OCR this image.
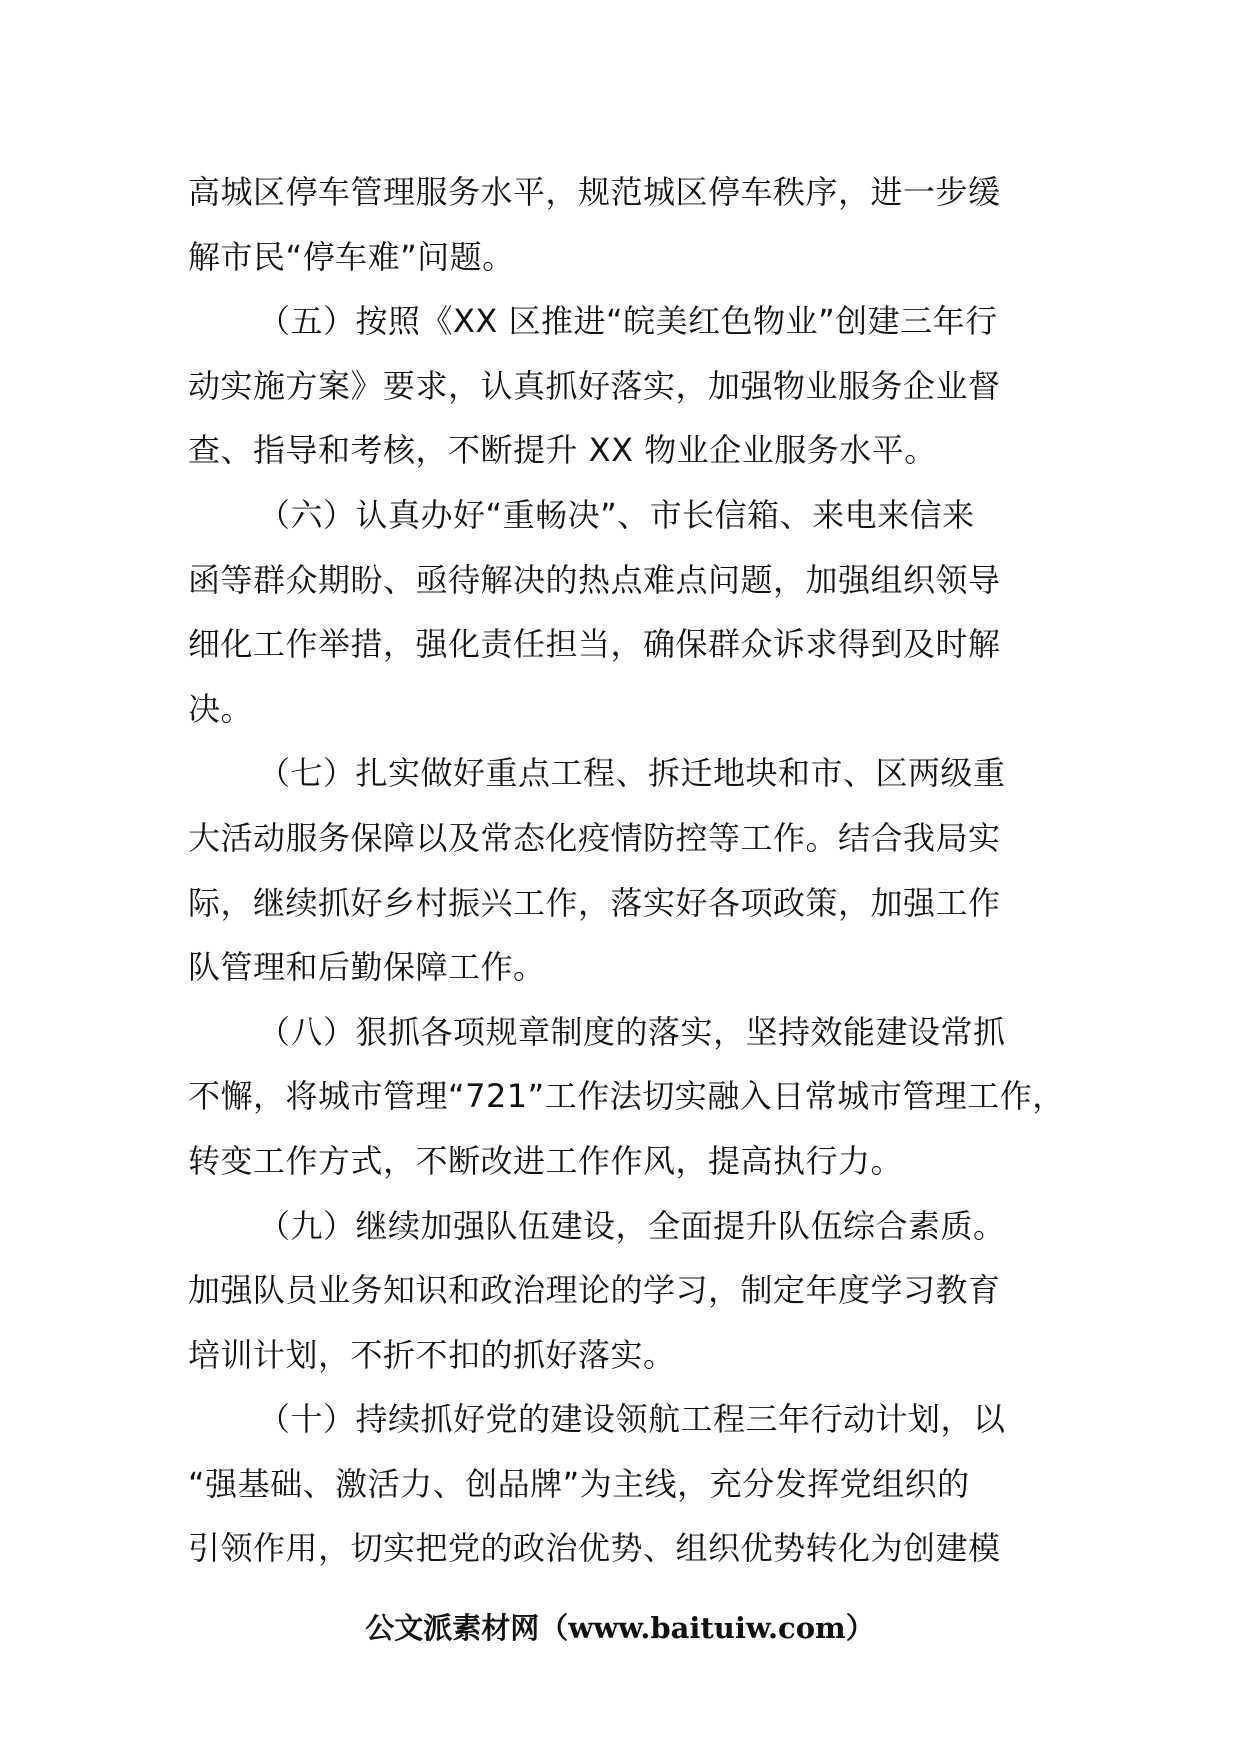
高城区停车管理服务水平，规范城区停车秩序，进一步缓
解市民“停车难”问题。
（五）按照《XX 区推进“皖美红色物业”创建三年行
动实施方案》要求，认真抓好落实，加强物业服务企业督
查、指导和考核，不断提升 XX 物业企业服务水平。
（六）认真办好“重畅决”、市长信箱、来电来信来
函等群众期盼、亟待解决的热点难点问题，加强组织领导
细化工作举措，强化责任担当，确保群众诉求得到及时解
决。
（七）扎实做好重点工程、拆迁地块和市、区两级重
大活动服务保障以及常态化疫情防控等工作。结合我局实
际，继续抓好乡村振兴工作，落实好各项政策，加强工作
队管理和后勤保障工作。
（八）狠抓各项规章制度的落实，坚持效能建设常抓
不懈，将城市管理“721”工作法切实融入日常城市管理工作，
转变工作方式，不断改进工作作风，提高执行力。
（九）继续加强队伍建设，全面提升队伍综合素质。
加强队员业务知识和政治理论的学习，制定年度学习教育
培训计划，不折不扣的抓好落实。
（十）持续抓好党的建设领航工程三年行动计划，以
“强基础、激活力、创品牌”为主线，充分发挥党组织的
引领作用，切实把党的政治优势、组织优势转化为创建模
公文派素材网（www.baituiw.com）
